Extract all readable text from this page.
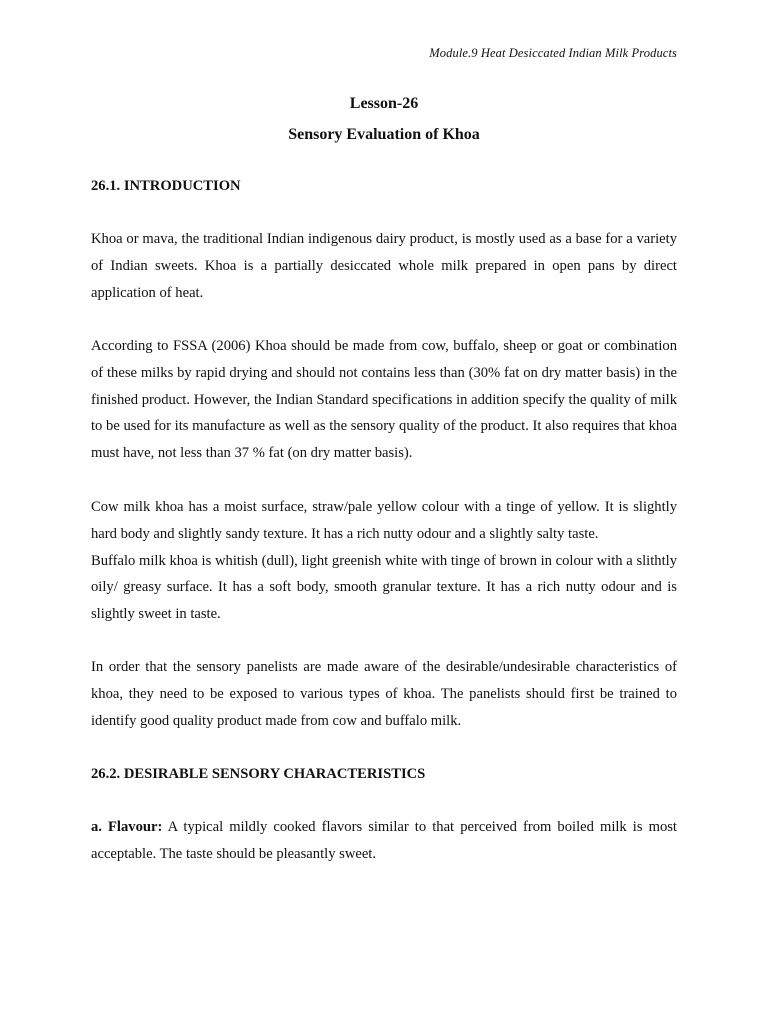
Module.9 Heat Desiccated Indian Milk Products
Lesson-26
Sensory Evaluation of Khoa
26.1. INTRODUCTION

Khoa or mava, the traditional Indian indigenous dairy product, is mostly used as a base for a variety of Indian sweets. Khoa is a partially desiccated whole milk prepared in open pans by direct application of heat.

According to FSSA (2006) Khoa should be made from cow, buffalo, sheep or goat or combination of these milks by rapid drying and should not contains less than (30% fat on dry matter basis) in the finished product. However, the Indian Standard specifications in addition specify the quality of milk to be used for its manufacture as well as the sensory quality of the product. It also requires that khoa must have, not less than 37 % fat (on dry matter basis).

Cow milk khoa has a moist surface, straw/pale yellow colour with a tinge of yellow. It is slightly hard body and slightly sandy texture. It has a rich nutty odour and a slightly salty taste.

Buffalo milk khoa is whitish (dull), light greenish white with tinge of brown in colour with a slithtly oily/ greasy surface. It has a soft body, smooth granular texture. It has a rich nutty odour and is slightly sweet in taste.

In order that the sensory panelists are made aware of the desirable/undesirable characteristics of khoa, they need to be exposed to various types of khoa. The panelists should first be trained to identify good quality product made from cow and buffalo milk.

26.2. DESIRABLE SENSORY CHARACTERISTICS

a. Flavour: A typical mildly cooked flavors similar to that perceived from boiled milk is most acceptable. The taste should be pleasantly sweet.
